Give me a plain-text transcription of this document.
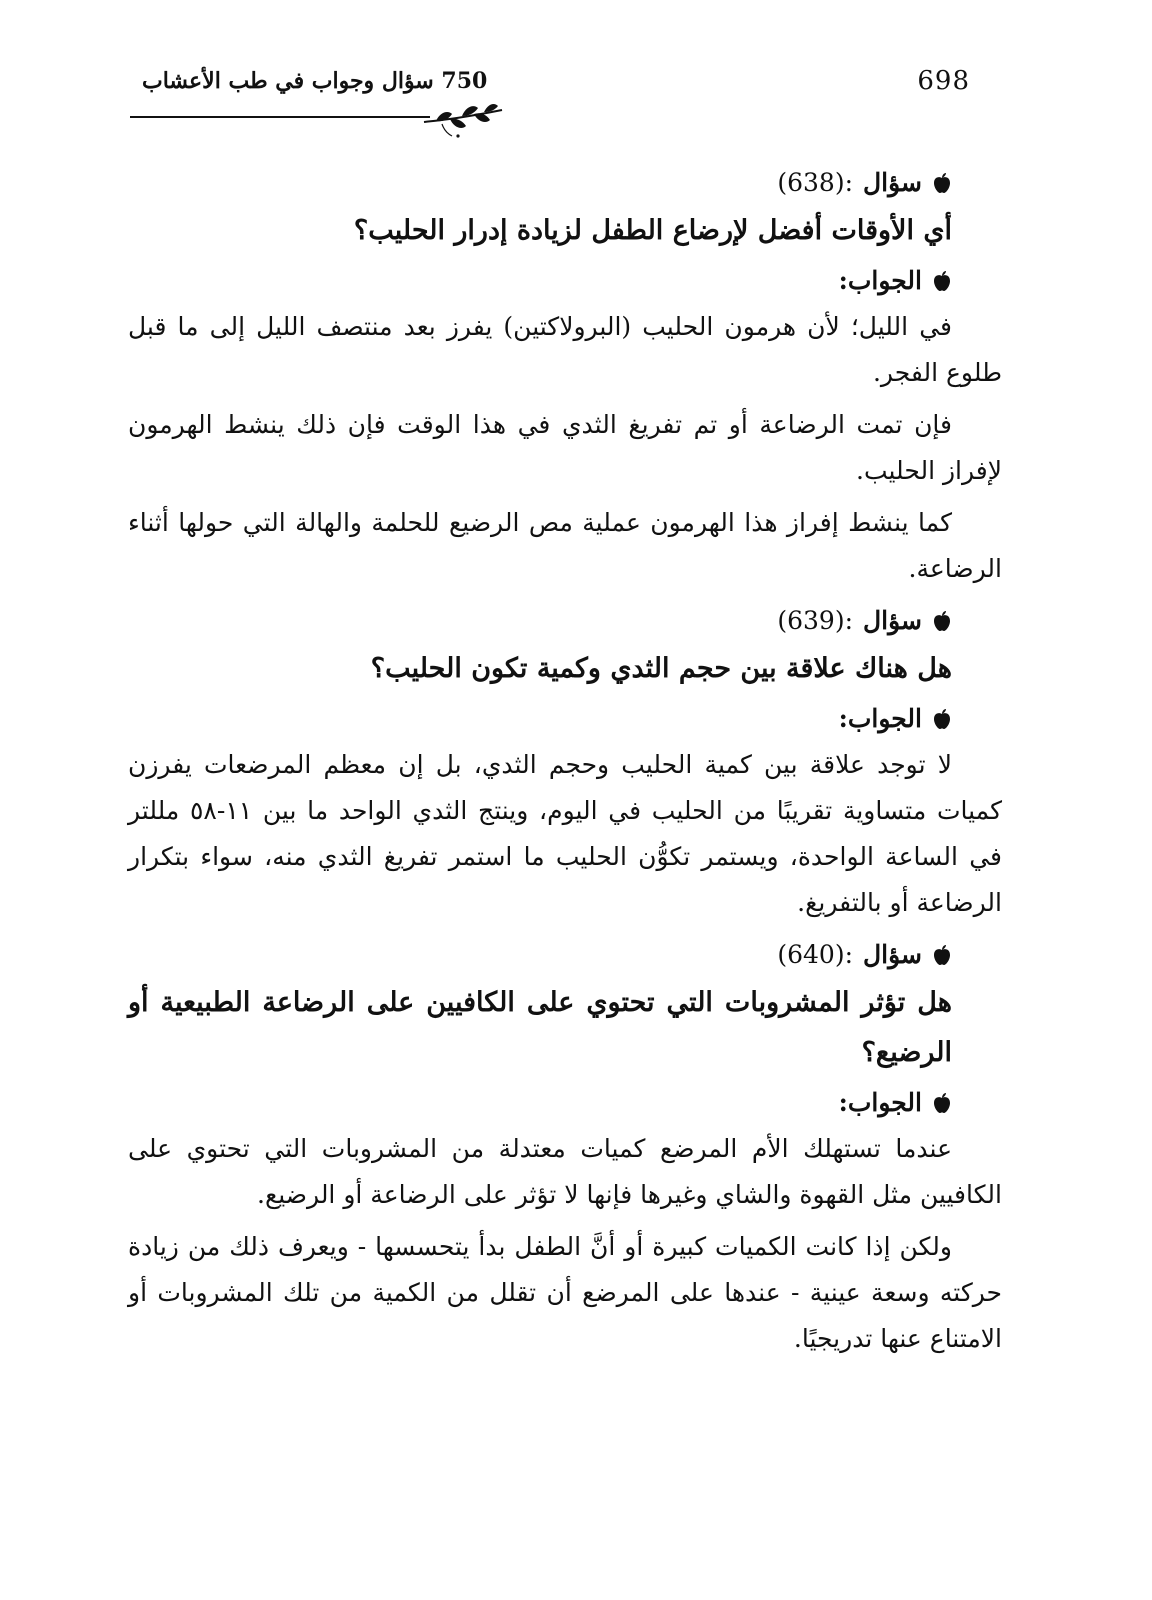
750 سؤال وجواب في طب الأعشاب	698
سؤال
(638):
أي الأوقات أفضل لإرضاع الطفل لزيادة إدرار الحليب؟
الجواب:

في الليل؛ لأن هرمون الحليب (البرولاكتين) يفرز بعد منتصف الليل إلى ما قبل طلوع الفجر.

فإن تمت الرضاعة أو تم تفريغ الثدي في هذا الوقت فإن ذلك ينشط الهرمون لإفراز الحليب.

كما ينشط إفراز هذا الهرمون عملية مص الرضيع للحلمة والهالة التي حولها أثناء الرضاعة.

سؤال
(639):
هل هناك علاقة بين حجم الثدي وكمية تكون الحليب؟
الجواب:

لا توجد علاقة بين كمية الحليب وحجم الثدي، بل إن معظم المرضعات يفرزن كميات متساوية تقريبًا من الحليب في اليوم، وينتج الثدي الواحد ما بين ١١-٥٨ مللتر في الساعة الواحدة، ويستمر تكوُّن الحليب ما استمر تفريغ الثدي منه، سواء بتكرار الرضاعة أو بالتفريغ.

سؤال
(640):
هل تؤثر المشروبات التي تحتوي على الكافيين على الرضاعة الطبيعية أو الرضيع؟
الجواب:

عندما تستهلك الأم المرضع كميات معتدلة من المشروبات التي تحتوي على الكافيين مثل القهوة والشاي وغيرها فإنها لا تؤثر على الرضاعة أو الرضيع.

ولكن إذا كانت الكميات كبيرة أو أنَّ الطفل بدأ يتحسسها - ويعرف ذلك من زيادة حركته وسعة عينية - عندها على المرضع أن تقلل من الكمية من تلك المشروبات أو الامتناع عنها تدريجيًا.
